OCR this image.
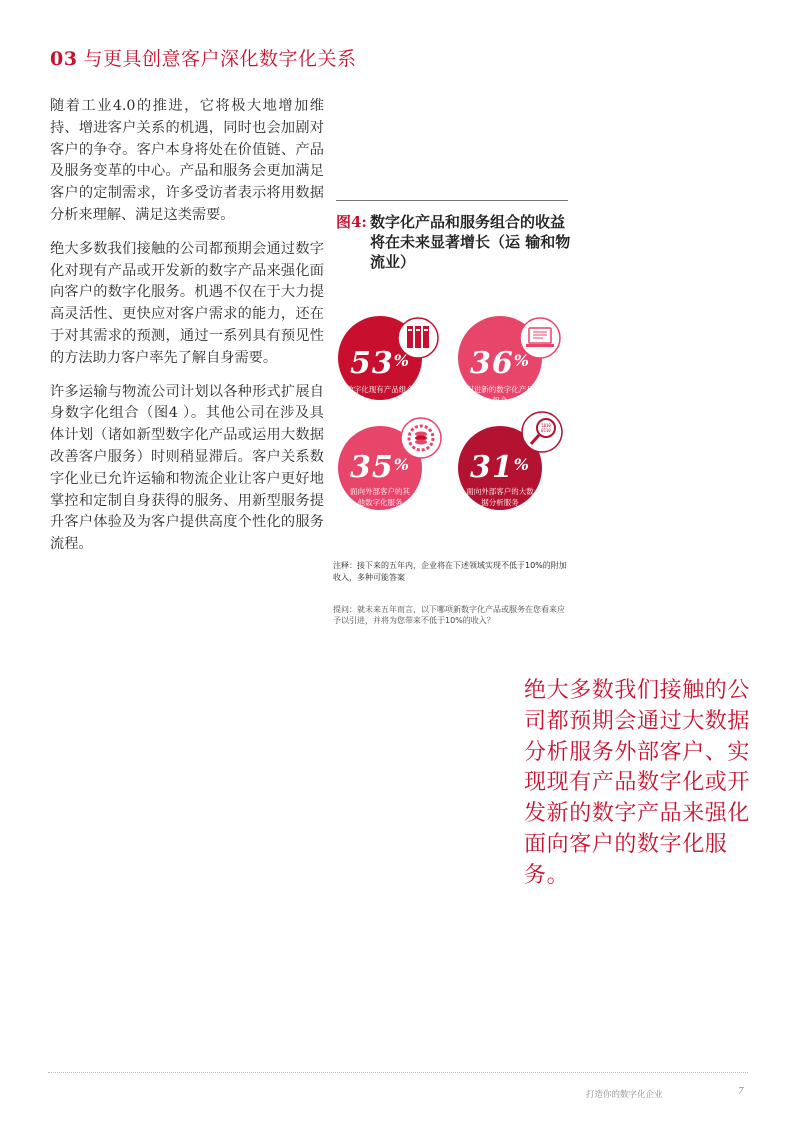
03 与更具创意客户深化数字化关系

随着工业4.0的推进，它将极大地增加维持、增进客户关系的机遇，同时也会加剧对客户的争夺。客户本身将处在价值链、产品及服务变革的中心。产品和服务会更加满足客户的定制需求，许多受访者表示将用数据分析来理解、满足这类需要。

绝大多数我们接触的公司都预期会通过数字化对现有产品或开发新的数字产品来强化面向客户的数字化服务。机遇不仅在于大力提高灵活性、更快应对客户需求的能力，还在于对其需求的预测，通过一系列具有预见性的方法助力客户率先了解自身需要。

许多运输与物流公司计划以各种形式扩展自身数字化组合（图4 ）。其他公司在涉及具体计划（诸如新型数字化产品或运用大数据改善客户服务）时则稍显滞后。客户关系数字化业已允许运输和物流企业让客户更好地掌控和定制自身获得的服务、用新型服务提升客户体验及为客户提供高度个性化的服务流程。

图4: 数字化产品和服务组合的收益将在未来显著增长（运 输和物流业）
1010
0110
53%
数字化现有产品组合
36%
引进新的数字化产品组合
35%
面向外部客户的其他数字化服务
31%
面向外部客户的大数据分析服务
注释：接下来的五年内，企业将在下述领域实现不低于10%的附加收入，多种可能答案
提问：就未来五年而言，以下哪项新数字化产品或服务在您看来应予以引进，并将为您带来不低于10%的收入？
绝大多数我们接触的公司都预期会通过大数据分析服务外部客户、实现现有产品数字化或开发新的数字产品来强化面向客户的数字化服务。
打造你的数字化企业	7
